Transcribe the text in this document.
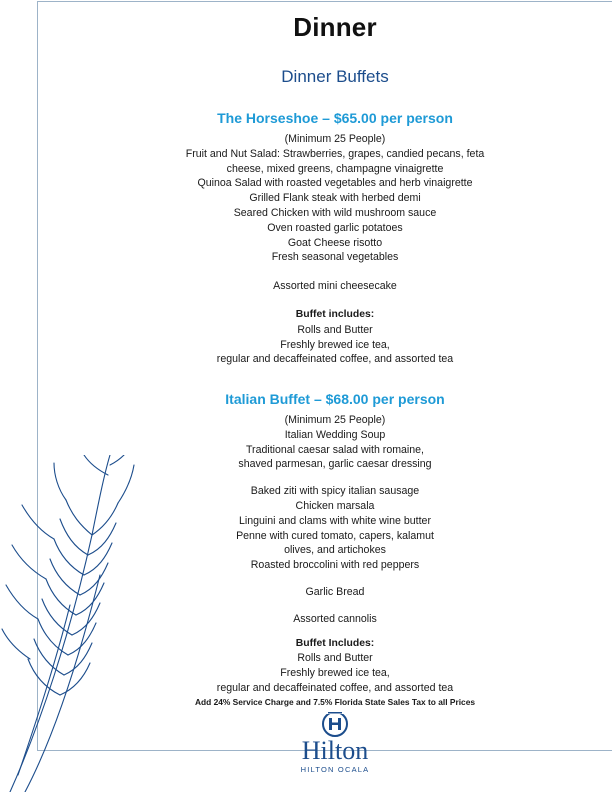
Dinner
Dinner Buffets
The Horseshoe – $65.00 per person
(Minimum 25 People)
Fruit and Nut Salad: Strawberries, grapes, candied pecans, feta
cheese, mixed greens, champagne vinaigrette
Quinoa Salad with roasted vegetables and herb vinaigrette
Grilled Flank steak with herbed demi
Seared Chicken with wild mushroom sauce
Oven roasted garlic potatoes
Goat Cheese risotto
Fresh seasonal vegetables
Assorted mini cheesecake
Buffet includes:
Rolls and Butter
Freshly brewed ice tea,
regular and decaffeinated coffee, and assorted tea
Italian Buffet – $68.00 per person
(Minimum 25 People)
Italian Wedding Soup
Traditional caesar salad with romaine,
shaved parmesan, garlic caesar dressing
Baked ziti with spicy italian sausage
Chicken marsala
Linguini and clams with white wine butter
Penne with cured tomato, capers, kalamut
olives, and artichokes
Roasted broccolini with red peppers
Garlic Bread
Assorted cannolis
Buffet Includes:
Rolls and Butter
Freshly brewed ice tea,
regular and decaffeinated coffee, and assorted tea
Add 24% Service Charge and 7.5% Florida State Sales Tax to all Prices
Hilton
HILTON OCALA
